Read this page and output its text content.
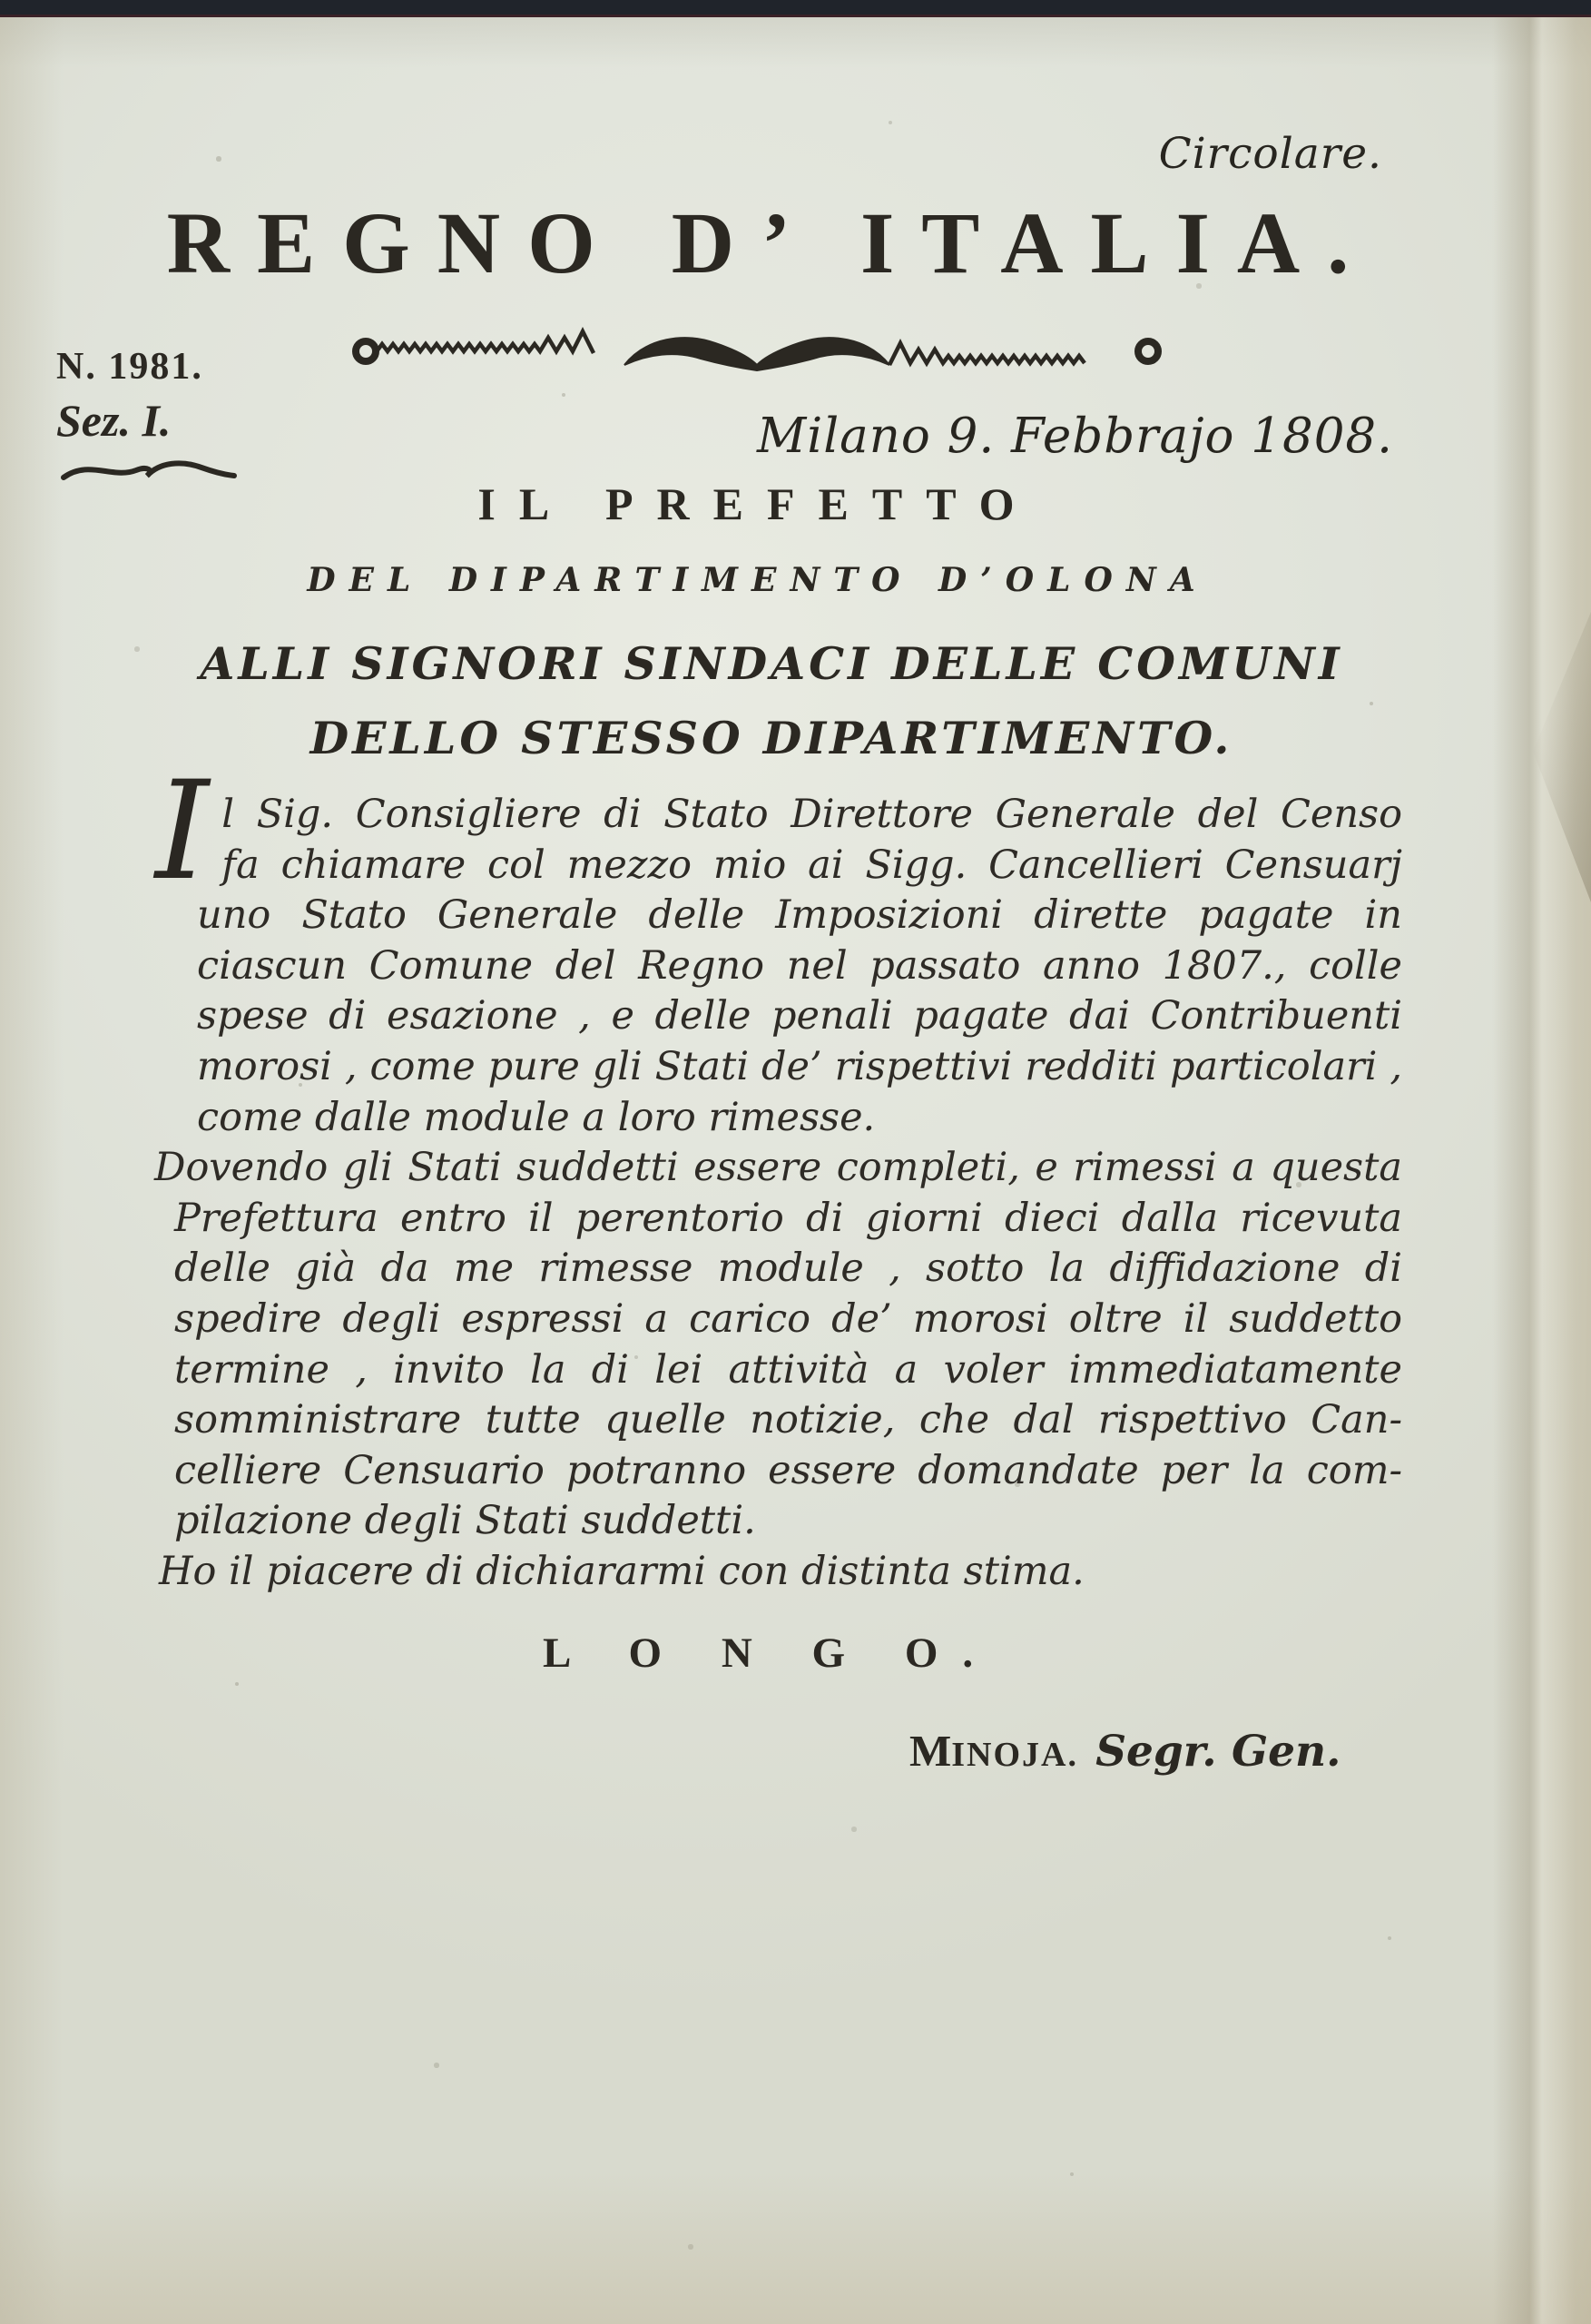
Circolare.
REGNO D’ ITALIA.
N. 1981.
Sez. I.	Milano 9. Febbrajo 1808.
IL PREFETTO
DEL DIPARTIMENTO D’OLONA
ALLI SIGNORI SINDACI DELLE COMUNI
DELLO STESSO DIPARTIMENTO.
I l Sig. Consigliere di Stato Direttore Generale del Censo
fa chiamare col mezzo mio ai Sigg. Cancellieri Censuarj
uno Stato Generale delle Imposizioni dirette pagate in
ciascun Comune del Regno nel passato anno 1807., colle
spese di esazione , e delle penali pagate dai Contribuenti
morosi , come pure gli Stati de’ rispettivi redditi particolari ,
come dalle module a loro rimesse.
Dovendo gli Stati suddetti essere completi, e rimessi a questa
Prefettura entro il perentorio di giorni dieci dalla ricevuta
delle già da me rimesse module , sotto la diffidazione di
spedire degli espressi a carico de’ morosi oltre il suddetto
termine , invito la di lei attività a voler immediatamente
somministrare tutte quelle notizie, che dal rispettivo Can-
celliere Censuario potranno essere domandate per la com-
pilazione degli Stati suddetti.
Ho il piacere di dichiararmi con distinta stima.
L O N G O.
MINOJA. Segr. Gen.
